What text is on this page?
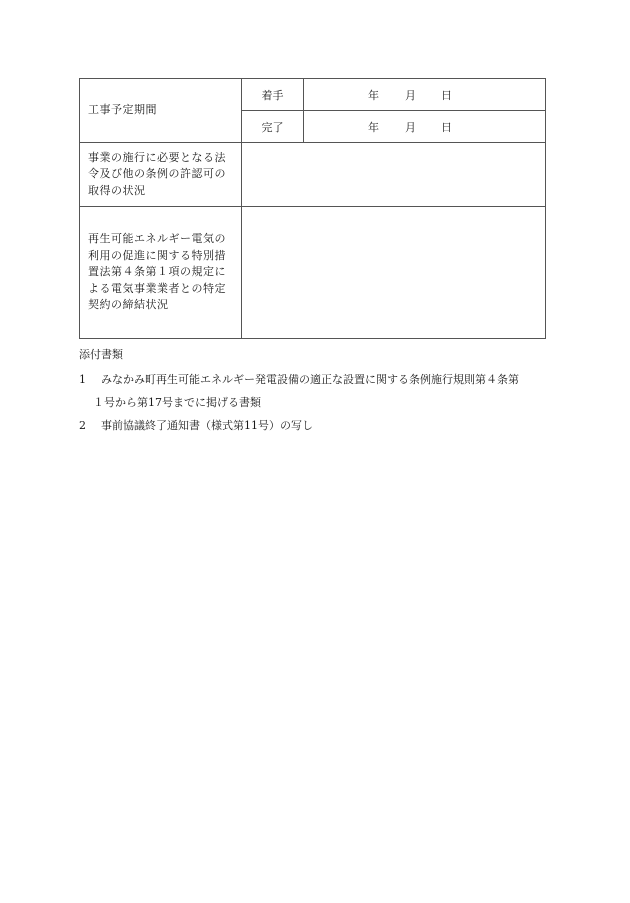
工事予定期間	着手	年 月 日

	完了	年 月 日

事業の施行に必要となる法
令及び他の条例の許認可の
取得の状況		

再生可能エネルギー電気の
利用の促進に関する特別措
置法第４条第１項の規定に
よる電気事業業者との特定
契約の締結状況		

添付書類
1 みなかみ町再生可能エネルギー発電設備の適正な設置に関する条例施行規則第４条第
１号から第17号までに掲げる書類
2 事前協議終了通知書（様式第11号）の写し
